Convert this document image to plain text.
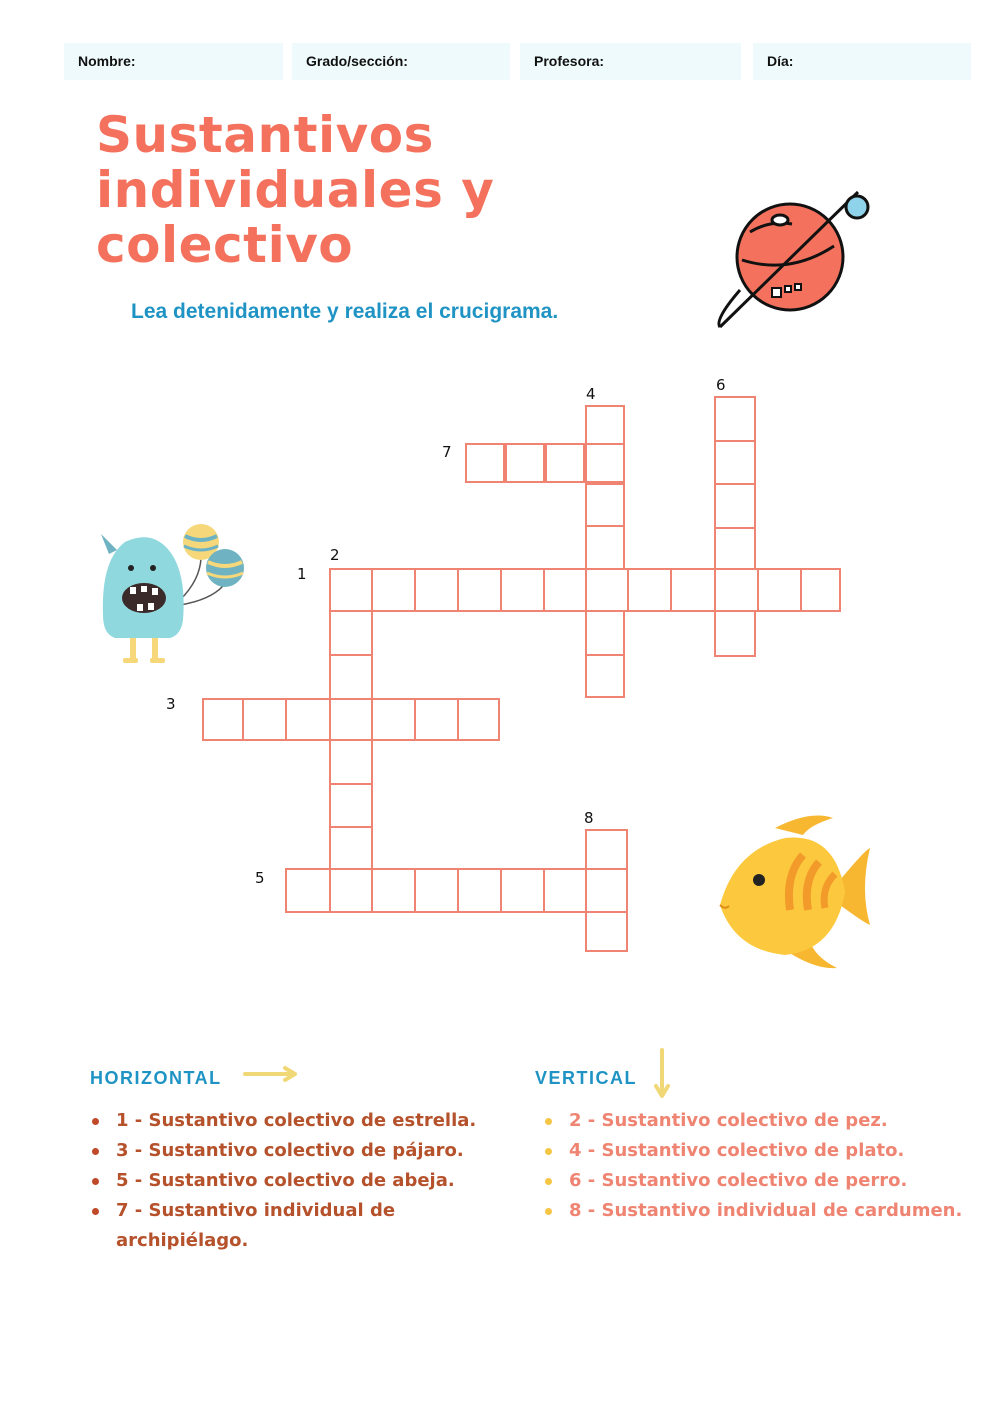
Nombre:	Grado/sección:	Profesora:	Día:
Sustantivos
individuales y
colectivo

Lea detenidamente y realiza el crucigrama.

1
2
3
4
5
6
7
8
HORIZONTAL
1 - Sustantivo colectivo de estrella.
3 - Sustantivo colectivo de pájaro.
5 - Sustantivo colectivo de abeja.
7 - Sustantivo individual de archipiélago.
VERTICAL
2 - Sustantivo colectivo de pez.
4 - Sustantivo colectivo de plato.
6 - Sustantivo colectivo de perro.
8 - Sustantivo individual de cardumen.
